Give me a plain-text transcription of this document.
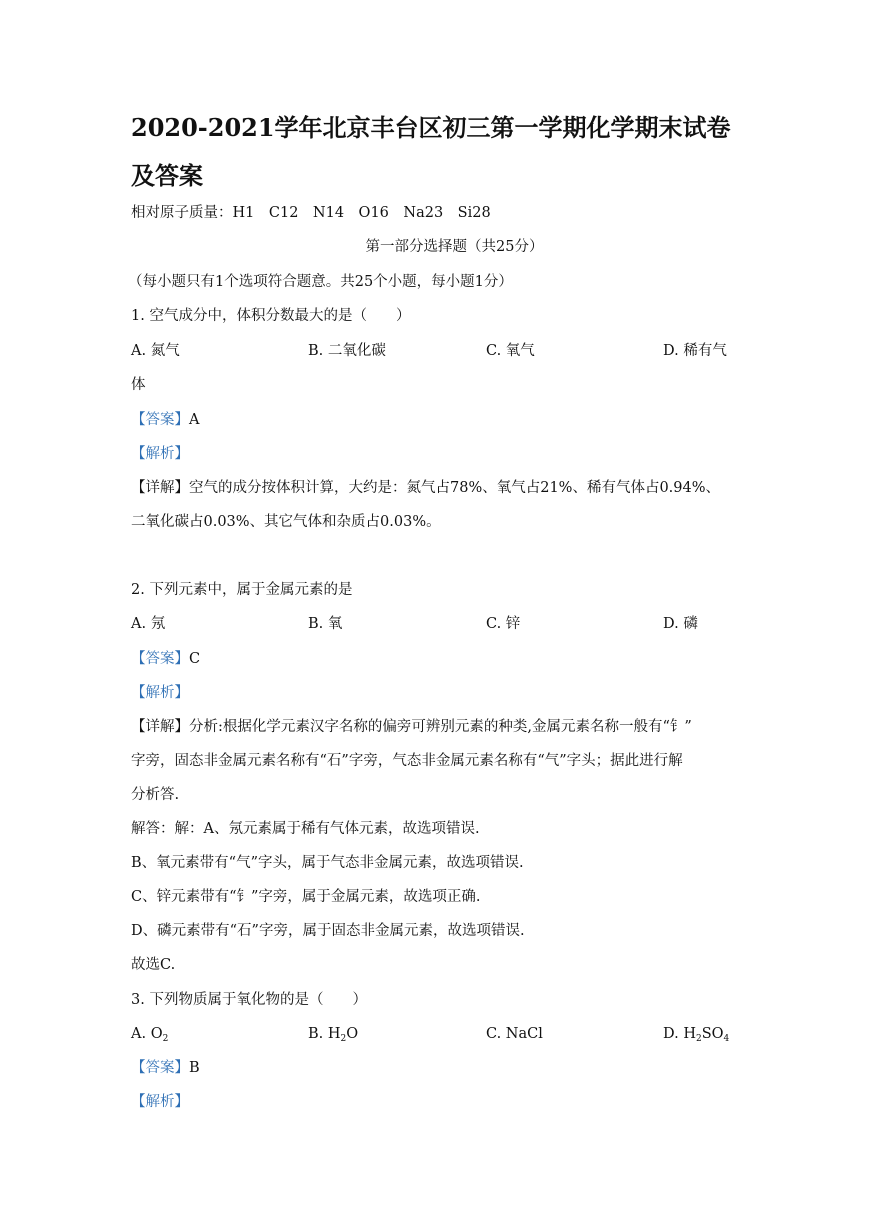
2020-2021学年北京丰台区初三第一学期化学期末试卷及答案
相对原子质量：H1　C12　N14　O16　Na23　Si28
第一部分选择题（共25分）
（每小题只有1个选项符合题意。共25个小题，每小题1分）
1. 空气成分中，体积分数最大的是（　　）
A. 氮气	B. 二氧化碳	C. 氧气	D. 稀有气
体
【答案】A
【解析】
【详解】空气的成分按体积计算，大约是：氮气占78%、氧气占21%、稀有气体占0.94%、
二氧化碳占0.03%、其它气体和杂质占0.03%。
2. 下列元素中，属于金属元素的是
A. 氖	B. 氧	C. 锌	D. 磷
【答案】C
【解析】
【详解】分析:根据化学元素汉字名称的偏旁可辨别元素的种类,金属元素名称一般有“钅”
字旁，固态非金属元素名称有“石”字旁，气态非金属元素名称有“气”字头；据此进行解
分析答.
解答：解：A、氖元素属于稀有气体元素，故选项错误.
B、氧元素带有“气”字头，属于气态非金属元素，故选项错误.
C、锌元素带有“钅”字旁，属于金属元素，故选项正确.
D、磷元素带有“石”字旁，属于固态非金属元素，故选项错误.
故选C.
3. 下列物质属于氧化物的是（　　）
A. $O_2$	B. $H_2O$	C. NaCl	D. $H_2SO_4$
【答案】B
【解析】
